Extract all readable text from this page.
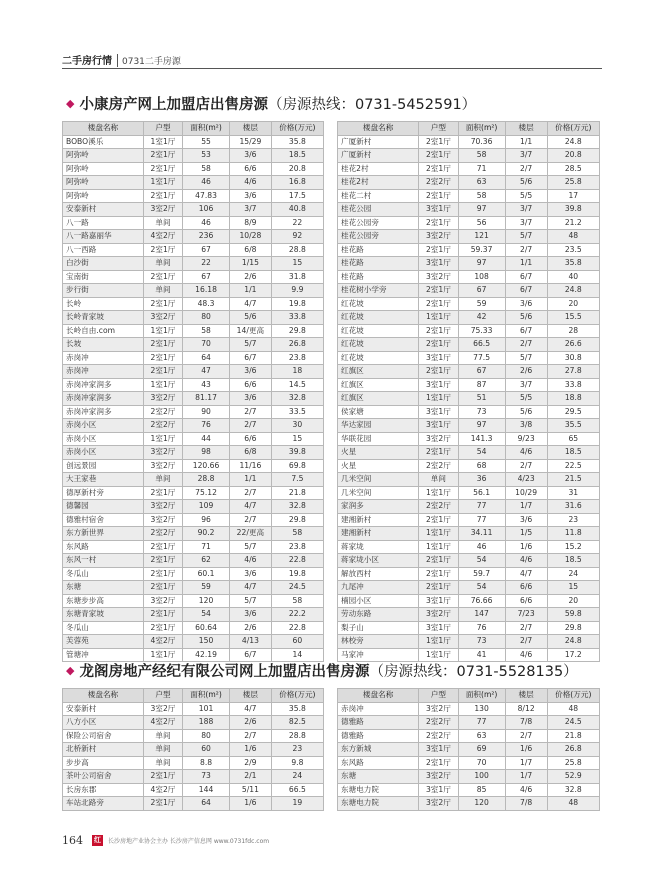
二手房行情	0731二手房源
◆ 小康房产网上加盟店出售房源（房源热线：0731-5452591）
楼盘名称	户型	面积(m²)	楼层	价格(万元)
BOBO溪乐	1室1厅	55	15/29	35.8
阿弥岭	2室1厅	53	3/6	18.5
阿弥岭	2室1厅	58	6/6	20.8
阿弥岭	1室1厅	46	4/6	16.8
阿弥岭	2室1厅	47.83	3/6	17.5
安泰新村	3室2厅	106	3/7	40.8
八一路	单间	46	8/9	22
八一路嘉丽华	4室2厅	236	10/28	92
八一西路	2室1厅	67	6/8	28.8
白沙街	单间	22	1/15	15
宝南街	2室1厅	67	2/6	31.8
步行街	单间	16.18	1/1	9.9
长岭	2室1厅	48.3	4/7	19.8
长岭青家坡	3室2厅	80	5/6	33.8
长岭自由.com	1室1厅	58	14/更高	29.8
长坡	2室1厅	70	5/7	26.8
赤岗冲	2室1厅	64	6/7	23.8
赤岗冲	2室1厅	47	3/6	18
赤岗冲家润多	1室1厅	43	6/6	14.5
赤岗冲家润多	3室2厅	81.17	3/6	32.8
赤岗冲家润多	2室2厅	90	2/7	33.5
赤岗小区	2室2厅	76	2/7	30
赤岗小区	1室1厅	44	6/6	15
赤岗小区	3室2厅	98	6/8	39.8
创远景园	3室2厅	120.66	11/16	69.8
大王家巷	单间	28.8	1/1	7.5
德厚新村旁	2室1厅	75.12	2/7	21.8
德馨园	3室2厅	109	4/7	32.8
德雅村宿舍	3室2厅	96	2/7	29.8
东方新世界	2室2厅	90.2	22/更高	58
东风路	2室1厅	71	5/7	23.8
东风一村	2室1厅	62	4/6	22.8
冬瓜山	2室1厅	60.1	3/6	19.8
东塘	2室1厅	59	4/7	24.5
东塘步步高	3室2厅	120	5/7	58
东塘青家坡	2室1厅	54	3/6	22.2
冬瓜山	2室1厅	60.64	2/6	22.8
芙蓉苑	4室2厅	150	4/13	60
管塘冲	1室1厅	42.19	6/7	14
楼盘名称	户型	面积(m²)	楼层	价格(万元)
广厦新村	2室1厅	70.36	1/1	24.8
广厦新村	2室1厅	58	3/7	20.8
桂花2村	2室1厅	71	2/7	28.5
桂花2村	2室2厅	63	5/6	25.8
桂花二村	2室1厅	58	5/5	17
桂花公园	3室1厅	97	3/7	39.8
桂花公园旁	2室1厅	56	3/7	21.2
桂花公园旁	3室2厅	121	5/7	48
桂花路	2室1厅	59.37	2/7	23.5
桂花路	3室1厅	97	1/1	35.8
桂花路	3室2厅	108	6/7	40
桂花树小学旁	2室1厅	67	6/7	24.8
红花坡	2室1厅	59	3/6	20
红花坡	1室1厅	42	5/6	15.5
红花坡	2室1厅	75.33	6/7	28
红花坡	2室1厅	66.5	2/7	26.6
红花坡	3室1厅	77.5	5/7	30.8
红旗区	2室1厅	67	2/6	27.8
红旗区	3室1厅	87	3/7	33.8
红旗区	1室1厅	51	5/5	18.8
侯家塘	3室1厅	73	5/6	29.5
华达家园	3室1厅	97	3/8	35.5
华联花园	3室2厅	141.3	9/23	65
火星	2室1厅	54	4/6	18.5
火星	2室2厅	68	2/7	22.5
几米空间	单间	36	4/23	21.5
几米空间	1室1厅	56.1	10/29	31
家润多	2室2厅	77	1/7	31.6
建湘新村	2室1厅	77	3/6	23
建湘新村	1室1厅	34.11	1/5	11.8
蒋家垅	1室1厅	46	1/6	15.2
蒋家垅小区	2室1厅	54	4/6	18.5
解放西村	2室1厅	59.7	4/7	24
九尾冲	2室1厅	54	6/6	15
楠园小区	3室1厅	76.66	6/6	20
劳动东路	3室2厅	147	7/23	59.8
梨子山	3室1厅	76	2/7	29.8
林校旁	1室1厅	73	2/7	24.8
马家冲	1室1厅	41	4/6	17.2
◆ 龙阁房地产经纪有限公司网上加盟店出售房源（房源热线：0731-5528135）
楼盘名称	户型	面积(m²)	楼层	价格(万元)
安泰新村	3室2厅	101	4/7	35.8
八方小区	4室2厅	188	2/6	82.5
保险公司宿舍	单间	80	2/7	28.8
北桥新村	单间	60	1/6	23
步步高	单间	8.8	2/9	9.8
茶叶公司宿舍	2室1厅	73	2/1	24
长房东郡	4室2厅	144	5/11	66.5
车站北路旁	2室1厅	64	1/6	19
楼盘名称	户型	面积(m²)	楼层	价格(万元)
赤岗冲	3室2厅	130	8/12	48
德雅路	2室2厅	77	7/8	24.5
德雅路	2室2厅	63	2/7	21.8
东方新城	3室1厅	69	1/6	26.8
东风路	2室1厅	70	1/7	25.8
东塘	3室2厅	100	1/7	52.9
东塘电力院	3室1厅	85	4/6	32.8
东塘电力院	3室2厅	120	7/8	48
164 红	长沙房地产业协会主办 长沙房产信息网 www.0731fdc.com
